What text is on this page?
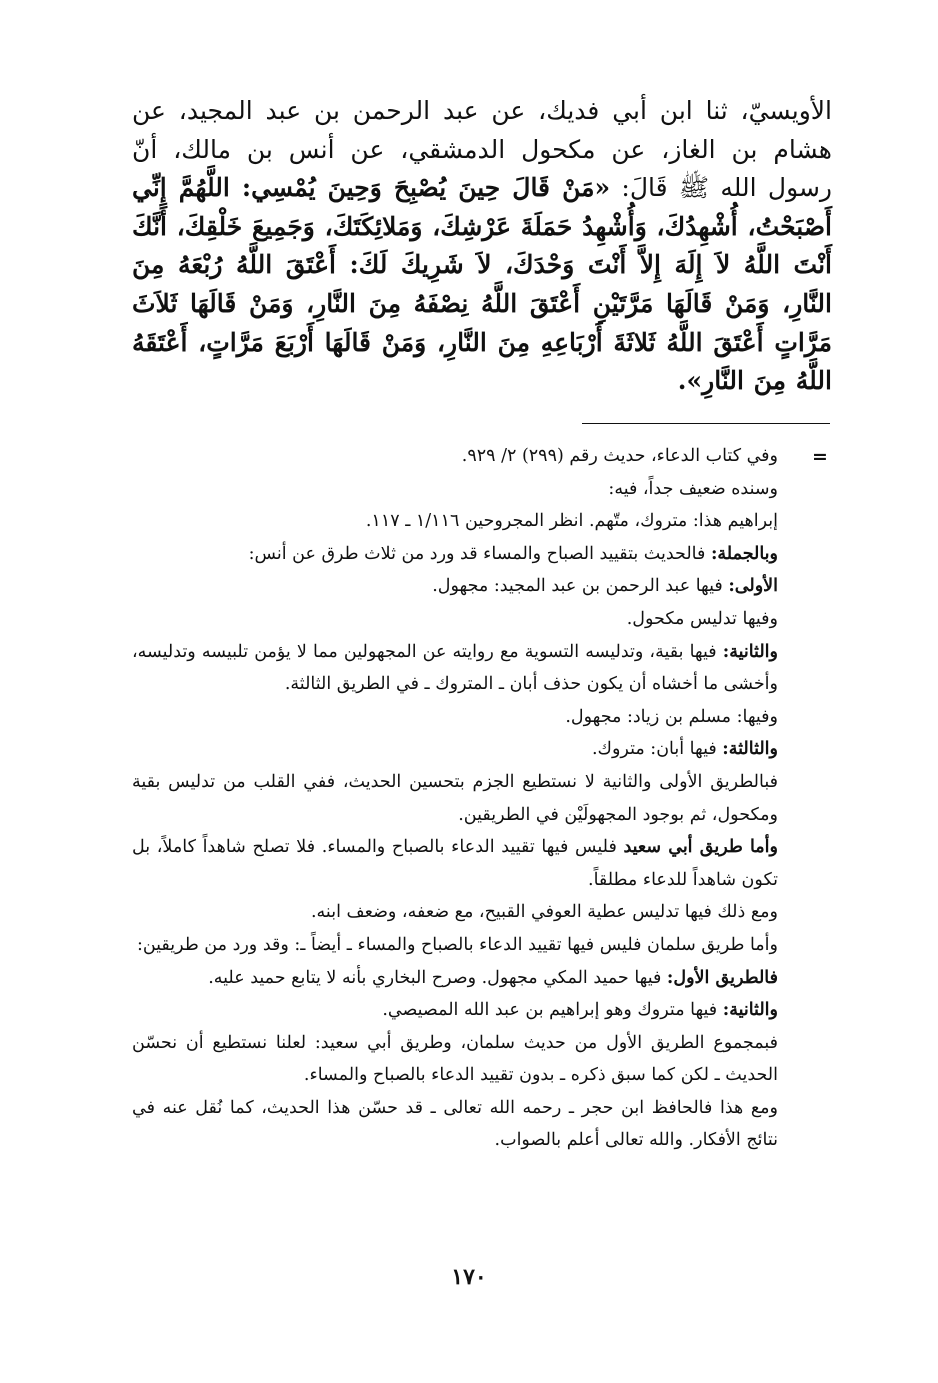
الأويسيّ، ثنا ابن أبي فديك، عن عبد الرحمن بن عبد المجيد، عن هشام بن الغاز، عن مكحول الدمشقي، عن أنس بن مالك، أنّ رسول الله ﷺ قَالَ: «مَنْ قَالَ حِينَ يُصْبِحَ وَحِينَ يُمْسِي: اللَّهُمَّ إِنِّي أَصْبَحْتُ، أُشْهِدُكَ، وَأُشْهِدُ حَمَلَةَ عَرْشِكَ، وَمَلائِكَتَكَ، وَجَمِيعَ خَلْقِكَ، أَنَّكَ أَنْتَ اللَّهُ لاَ إِلَهَ إِلاَّ أَنْتَ وَحْدَكَ، لاَ شَرِيكَ لَكَ: أَعْتَقَ اللَّهُ رُبْعَهُ مِنَ النَّارِ، وَمَنْ قَالَهَا مَرَّتَيْنِ أَعْتَقَ اللَّهُ نِصْفَهُ مِنَ النَّارِ، وَمَنْ قَالَهَا ثَلاَثَ مَرَّاتٍ أَعْتَقَ اللَّهُ ثَلاثَةَ أَرْبَاعِهِ مِنَ النَّارِ، وَمَنْ قَالَهَا أَرْبَعَ مَرَّاتٍ، أَعْتَقَهُ اللَّهُ مِنَ النَّارِ».

=

وفي كتاب الدعاء، حديث رقم (٢٩٩) ٢/ ٩٢٩.

وسنده ضعيف جداً، فيه:

إبراهيم هذا: متروك، متّهم. انظر المجروحين ١/١١٦ ـ ١١٧.

وبالجملة: فالحديث بتقييد الصباح والمساء قد ورد من ثلاث طرق عن أنس:

الأولى: فيها عبد الرحمن بن عبد المجيد: مجهول.

وفيها تدليس مكحول.

والثانية: فيها بقية، وتدليسه التسوية مع روايته عن المجهولين مما لا يؤمن تلبيسه وتدليسه، وأخشى ما أخشاه أن يكون حذف أبان ـ المتروك ـ في الطريق الثالثة.

وفيها: مسلم بن زياد: مجهول.

والثالثة: فيها أبان: متروك.

فبالطريق الأولى والثانية لا نستطيع الجزم بتحسين الحديث، ففي القلب من تدليس بقية ومكحول، ثم بوجود المجهولَيْن في الطريقين.

وأما طريق أبي سعيد فليس فيها تقييد الدعاء بالصباح والمساء. فلا تصلح شاهداً كاملاً، بل تكون شاهداً للدعاء مطلقاً.

ومع ذلك فيها تدليس عطية العوفي القبيح، مع ضعفه، وضعف ابنه.

وأما طريق سلمان فليس فيها تقييد الدعاء بالصباح والمساء ـ أيضاً ـ: وقد ورد من طريقين:

فالطريق الأول: فيها حميد المكي مجهول. وصرح البخاري بأنه لا يتابع حميد عليه.

والثانية: فيها متروك وهو إبراهيم بن عبد الله المصيصي.

فبمجموع الطريق الأول من حديث سلمان، وطريق أبي سعيد: لعلنا نستطيع أن نحسّن الحديث ـ لكن كما سبق ذكره ـ بدون تقييد الدعاء بالصباح والمساء.

ومع هذا فالحافظ ابن حجر ـ رحمه الله تعالى ـ قد حسّن هذا الحديث، كما نُقل عنه في نتائج الأفكار. والله تعالى أعلم بالصواب.

١٧٠
